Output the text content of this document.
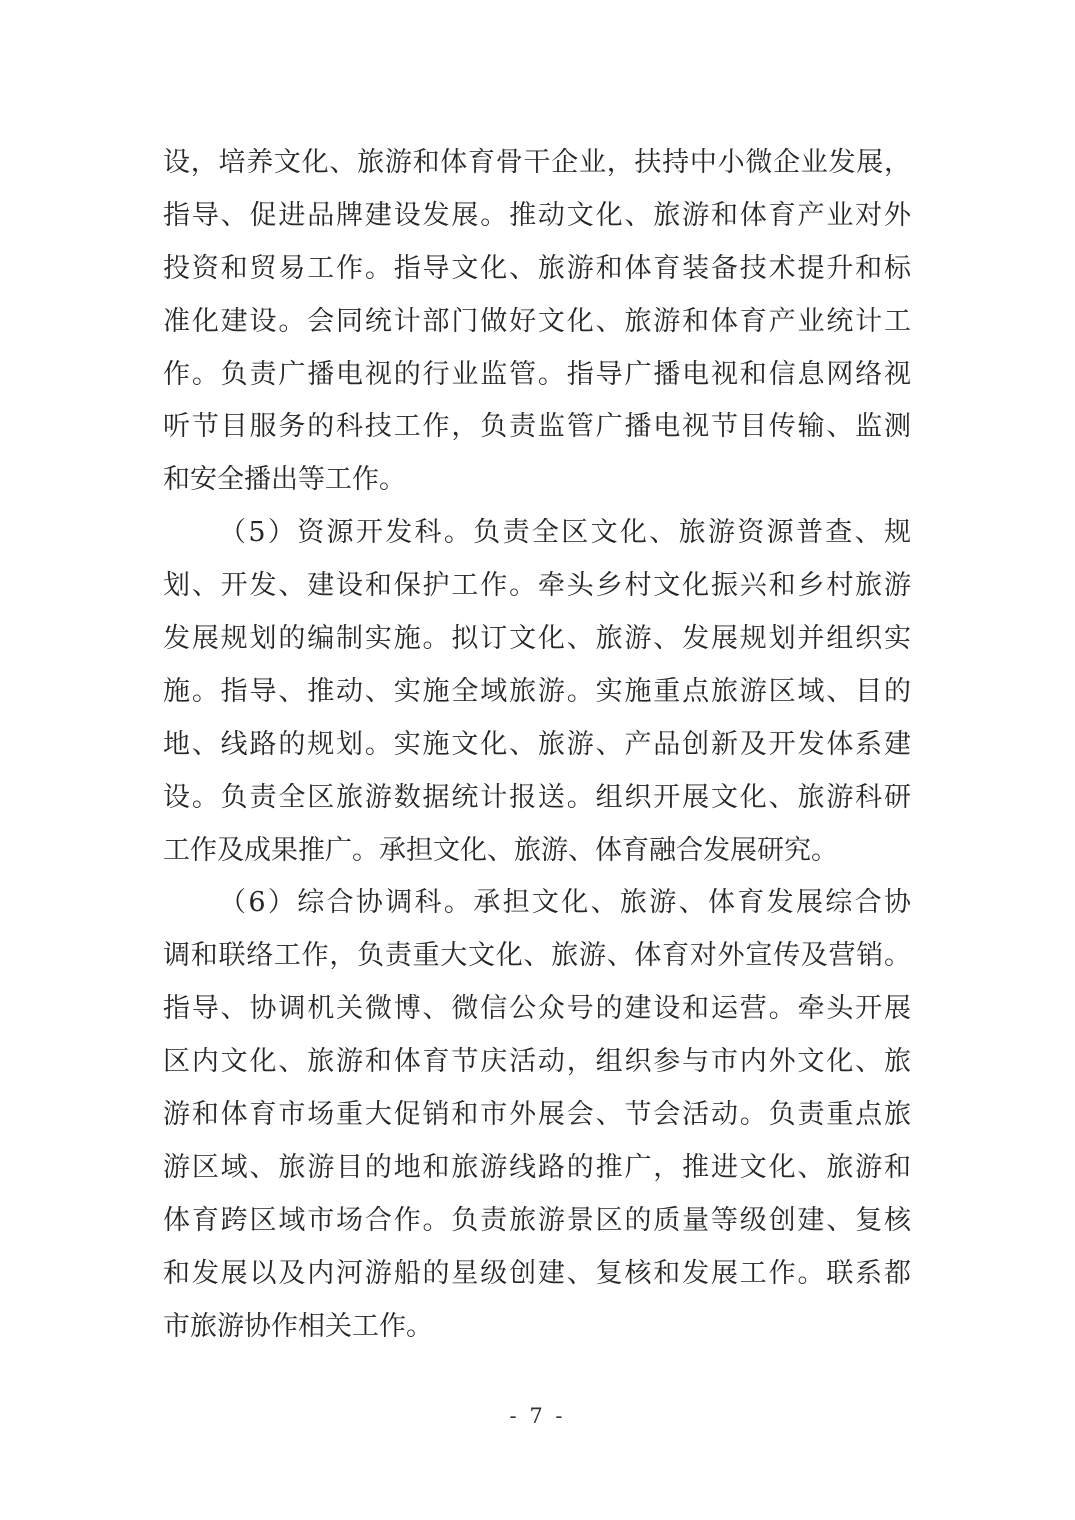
设，培养文化、旅游和体育骨干企业，扶持中小微企业发展，
指导、促进品牌建设发展。推动文化、旅游和体育产业对外
投资和贸易工作。指导文化、旅游和体育装备技术提升和标
准化建设。会同统计部门做好文化、旅游和体育产业统计工
作。负责广播电视的行业监管。指导广播电视和信息网络视
听节目服务的科技工作，负责监管广播电视节目传输、监测
和安全播出等工作。
（5）资源开发科。负责全区文化、旅游资源普查、规
划、开发、建设和保护工作。牵头乡村文化振兴和乡村旅游
发展规划的编制实施。拟订文化、旅游、发展规划并组织实
施。指导、推动、实施全域旅游。实施重点旅游区域、目的
地、线路的规划。实施文化、旅游、产品创新及开发体系建
设。负责全区旅游数据统计报送。组织开展文化、旅游科研
工作及成果推广。承担文化、旅游、体育融合发展研究。
（6）综合协调科。承担文化、旅游、体育发展综合协
调和联络工作，负责重大文化、旅游、体育对外宣传及营销。
指导、协调机关微博、微信公众号的建设和运营。牵头开展
区内文化、旅游和体育节庆活动，组织参与市内外文化、旅
游和体育市场重大促销和市外展会、节会活动。负责重点旅
游区域、旅游目的地和旅游线路的推广，推进文化、旅游和
体育跨区域市场合作。负责旅游景区的质量等级创建、复核
和发展以及内河游船的星级创建、复核和发展工作。联系都
市旅游协作相关工作。
- 7 -
